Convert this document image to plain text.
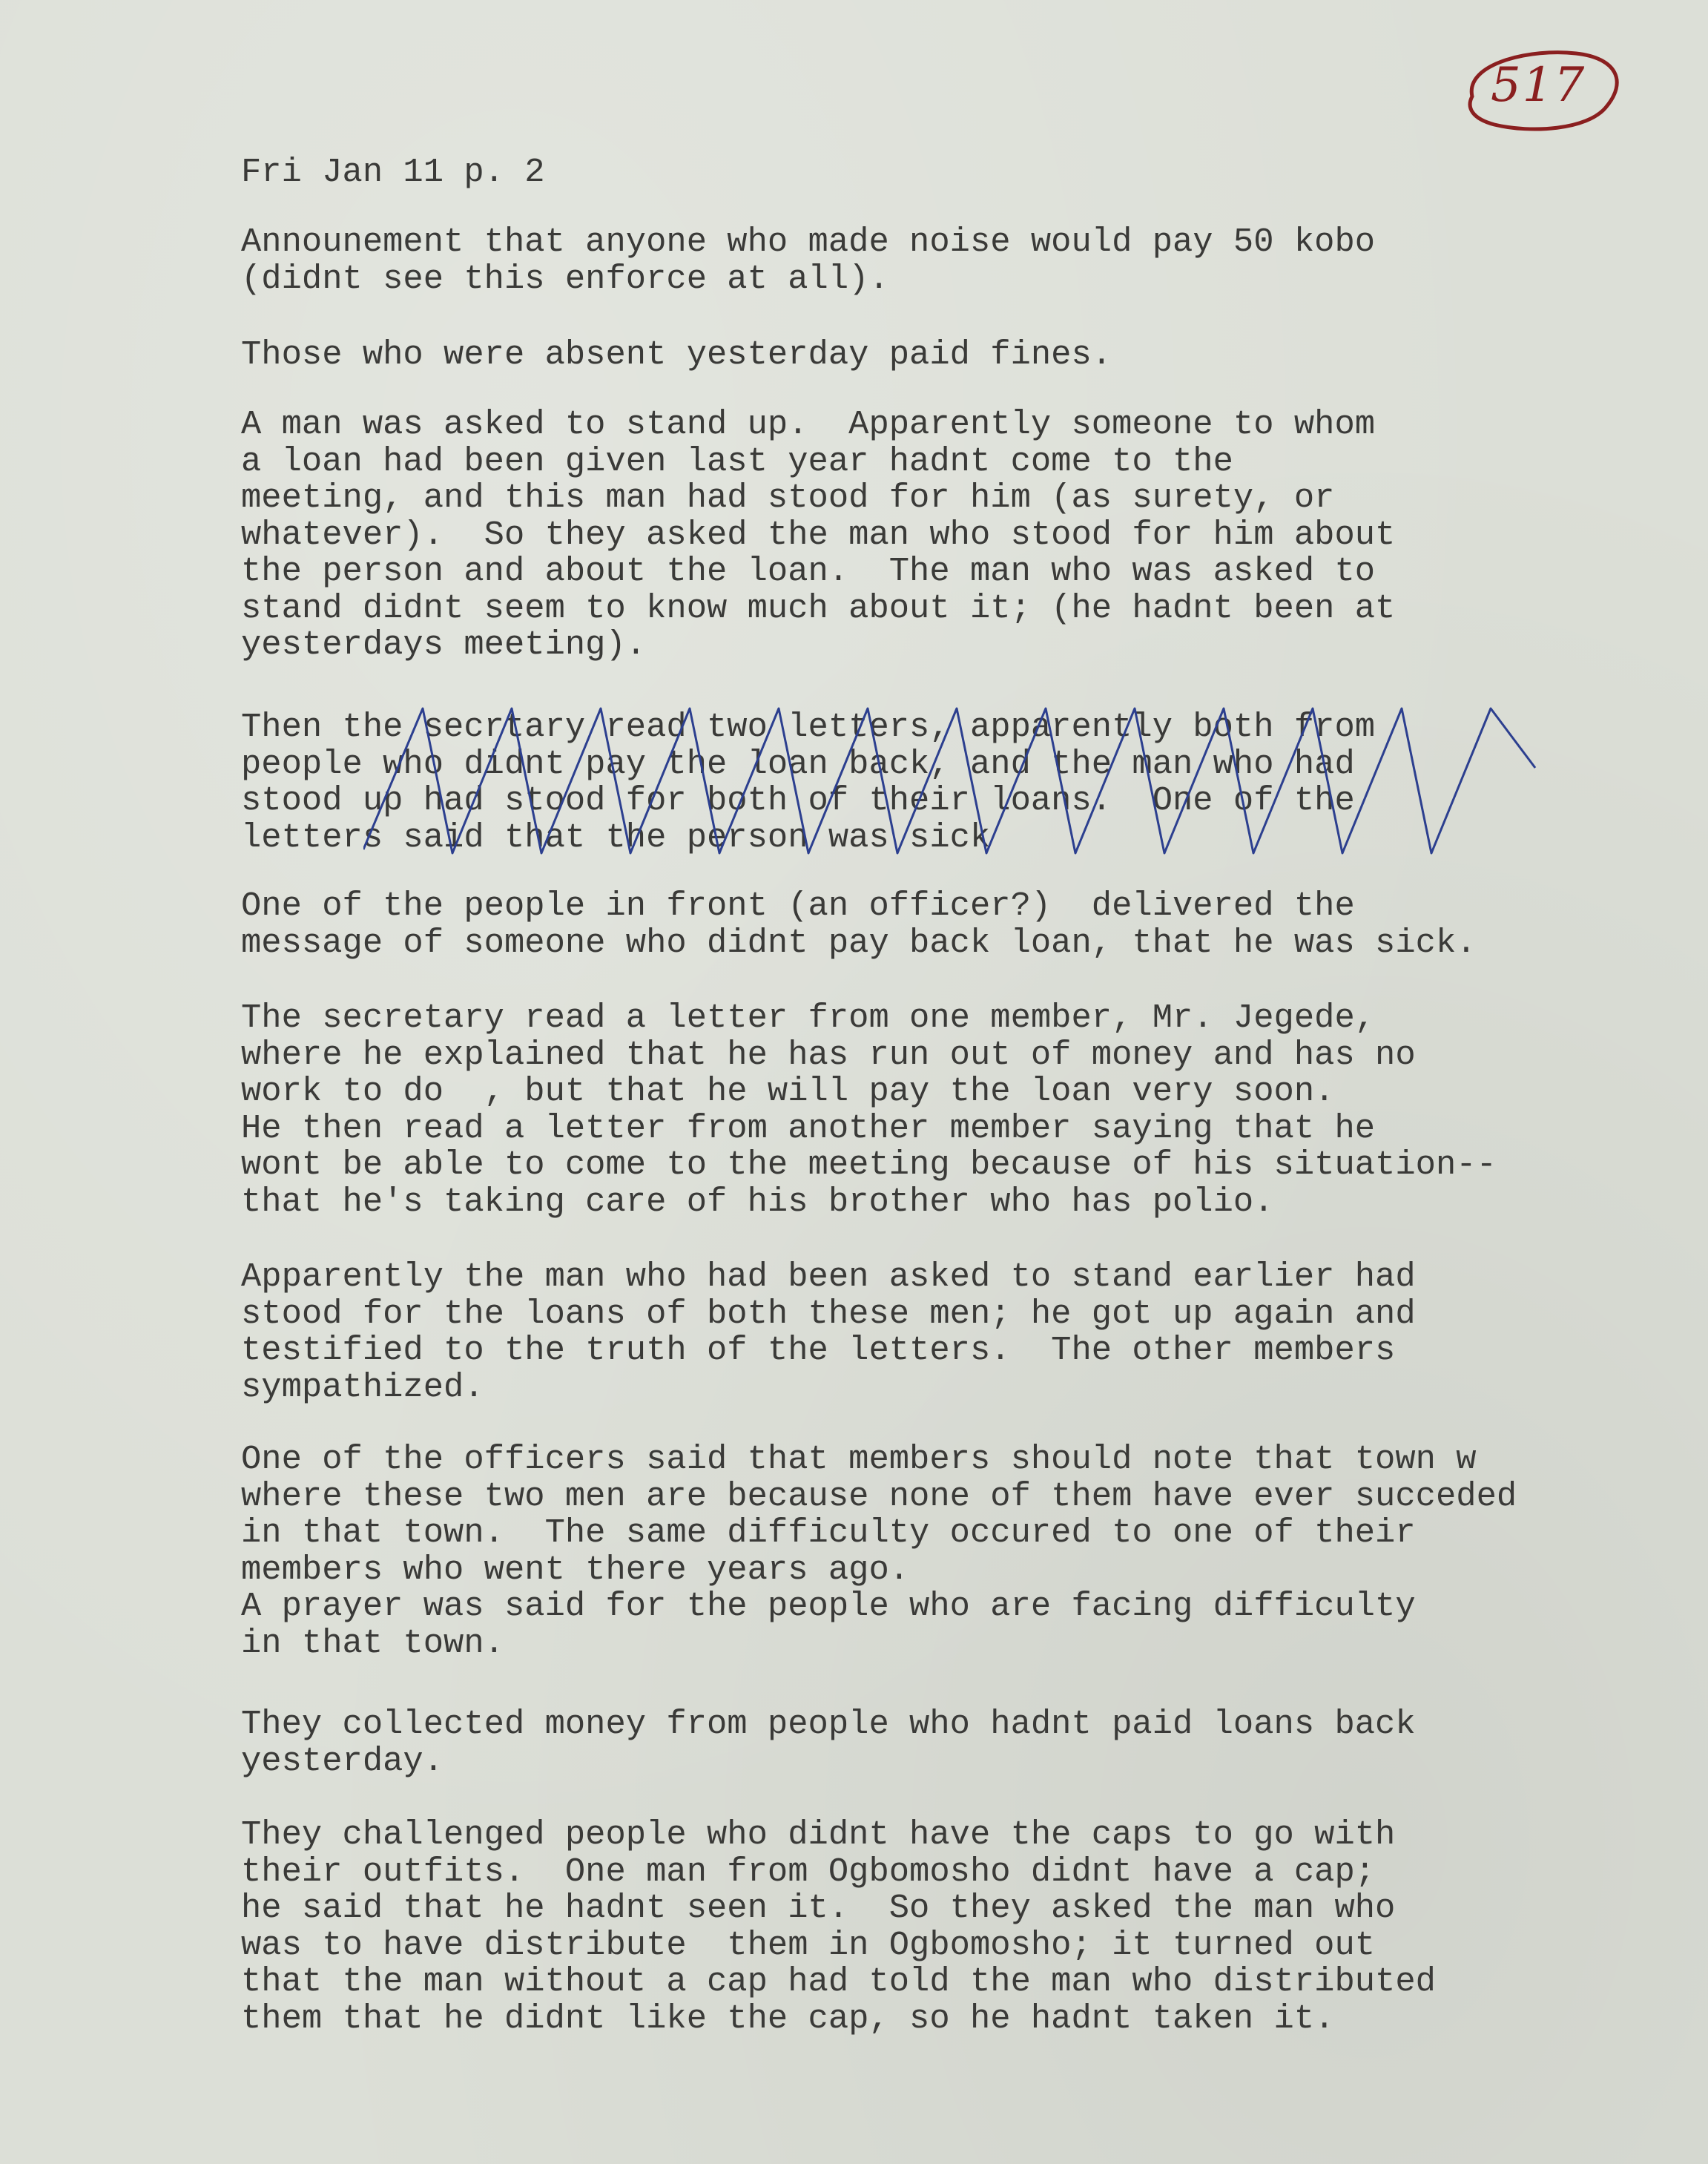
517
Fri Jan 11 p. 2
Announement that anyone who made noise would pay 50 kobo
(didnt see this enforce at all).
Those who were absent yesterday paid fines.
A man was asked to stand up.  Apparently someone to whom
a loan had been given last year hadnt come to the
meeting, and this man had stood for him (as surety, or
whatever).  So they asked the man who stood for him about
the person and about the loan.  The man who was asked to
stand didnt seem to know much about it; (he hadnt been at
yesterdays meeting).
Then the secrtary read two letters, apparently both from
people who didnt pay the loan back, and the man who had
stood up had stood for both of their loans.  One of the
letters said that the person was sick
One of the people in front (an officer?)  delivered the
message of someone who didnt pay back loan, that he was sick.
The secretary read a letter from one member, Mr. Jegede,
where he explained that he has run out of money and has no
work to do  , but that he will pay the loan very soon.
He then read a letter from another member saying that he
wont be able to come to the meeting because of his situation--
that he's taking care of his brother who has polio.
Apparently the man who had been asked to stand earlier had
stood for the loans of both these men; he got up again and
testified to the truth of the letters.  The other members
sympathized.
One of the officers said that members should note that town w
where these two men are because none of them have ever succeded
in that town.  The same difficulty occured to one of their
members who went there years ago.
A prayer was said for the people who are facing difficulty
in that town.
They collected money from people who hadnt paid loans back
yesterday.
They challenged people who didnt have the caps to go with
their outfits.  One man from Ogbomosho didnt have a cap;
he said that he hadnt seen it.  So they asked the man who
was to have distribute  them in Ogbomosho; it turned out
that the man without a cap had told the man who distributed
them that he didnt like the cap, so he hadnt taken it.
